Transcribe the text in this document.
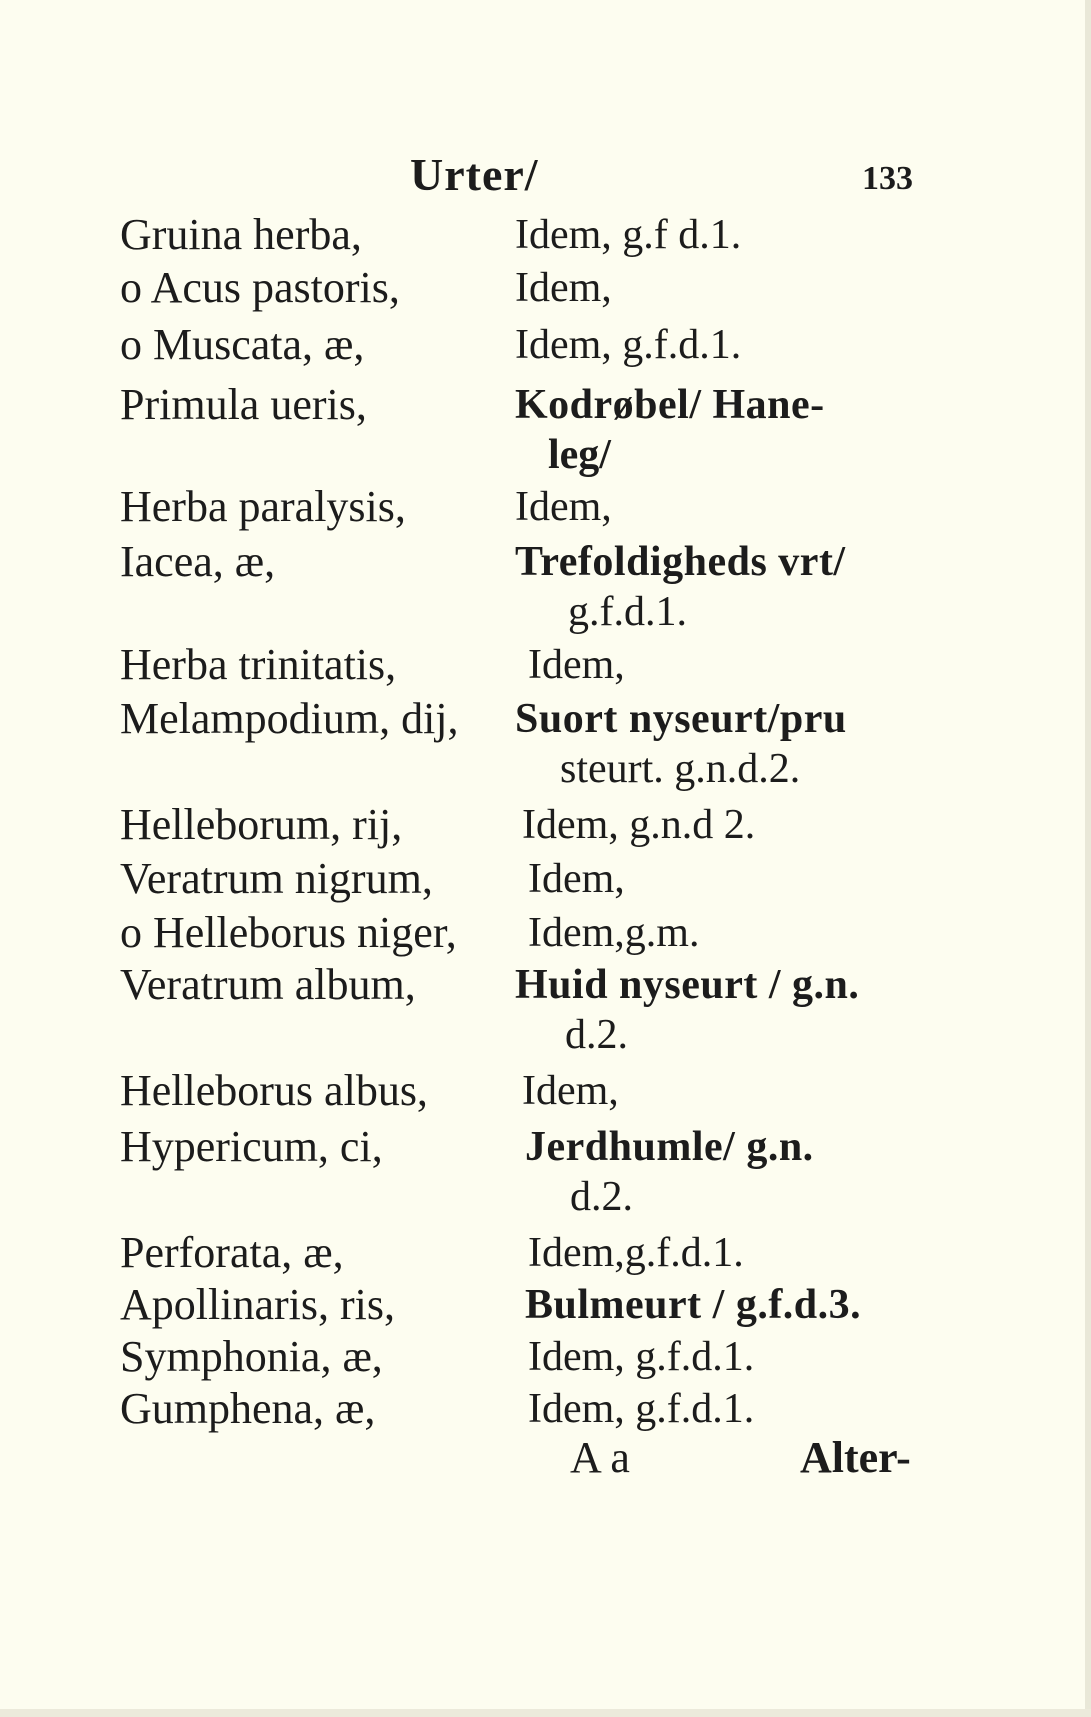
Urter/	133
Gruina herba,	Idem, g.f d.1.
o Acus pastoris,	Idem,
o Muscata, æ,	Idem, g.f.d.1.
Primula ueris,	Kodrøbel/ Hane-
leg/
Herba paralysis,	Idem,
Iacea, æ,	Trefoldigheds vrt/
g.f.d.1.
Herba trinitatis,	Idem,
Melampodium, dij, Suort nyseurt/pru
steurt. g.n.d.2.
Helleborum, rij,	Idem, g.n.d 2.
Veratrum nigrum, Idem,
o Helleborus niger, Idem,g.m.
Veratrum album, Huid nyseurt / g.n.
d.2.
Helleborus albus, Idem,
Hypericum, ci,	Jerdhumle/ g.n.
d.2.
Perforata, æ,	Idem,g.f.d.1.
Apollinaris, ris,	Bulmeurt / g.f.d.3.
Symphonia, æ,	Idem, g.f.d.1.
Gumphena, æ,	Idem, g.f.d.1.
A a	Alter-
